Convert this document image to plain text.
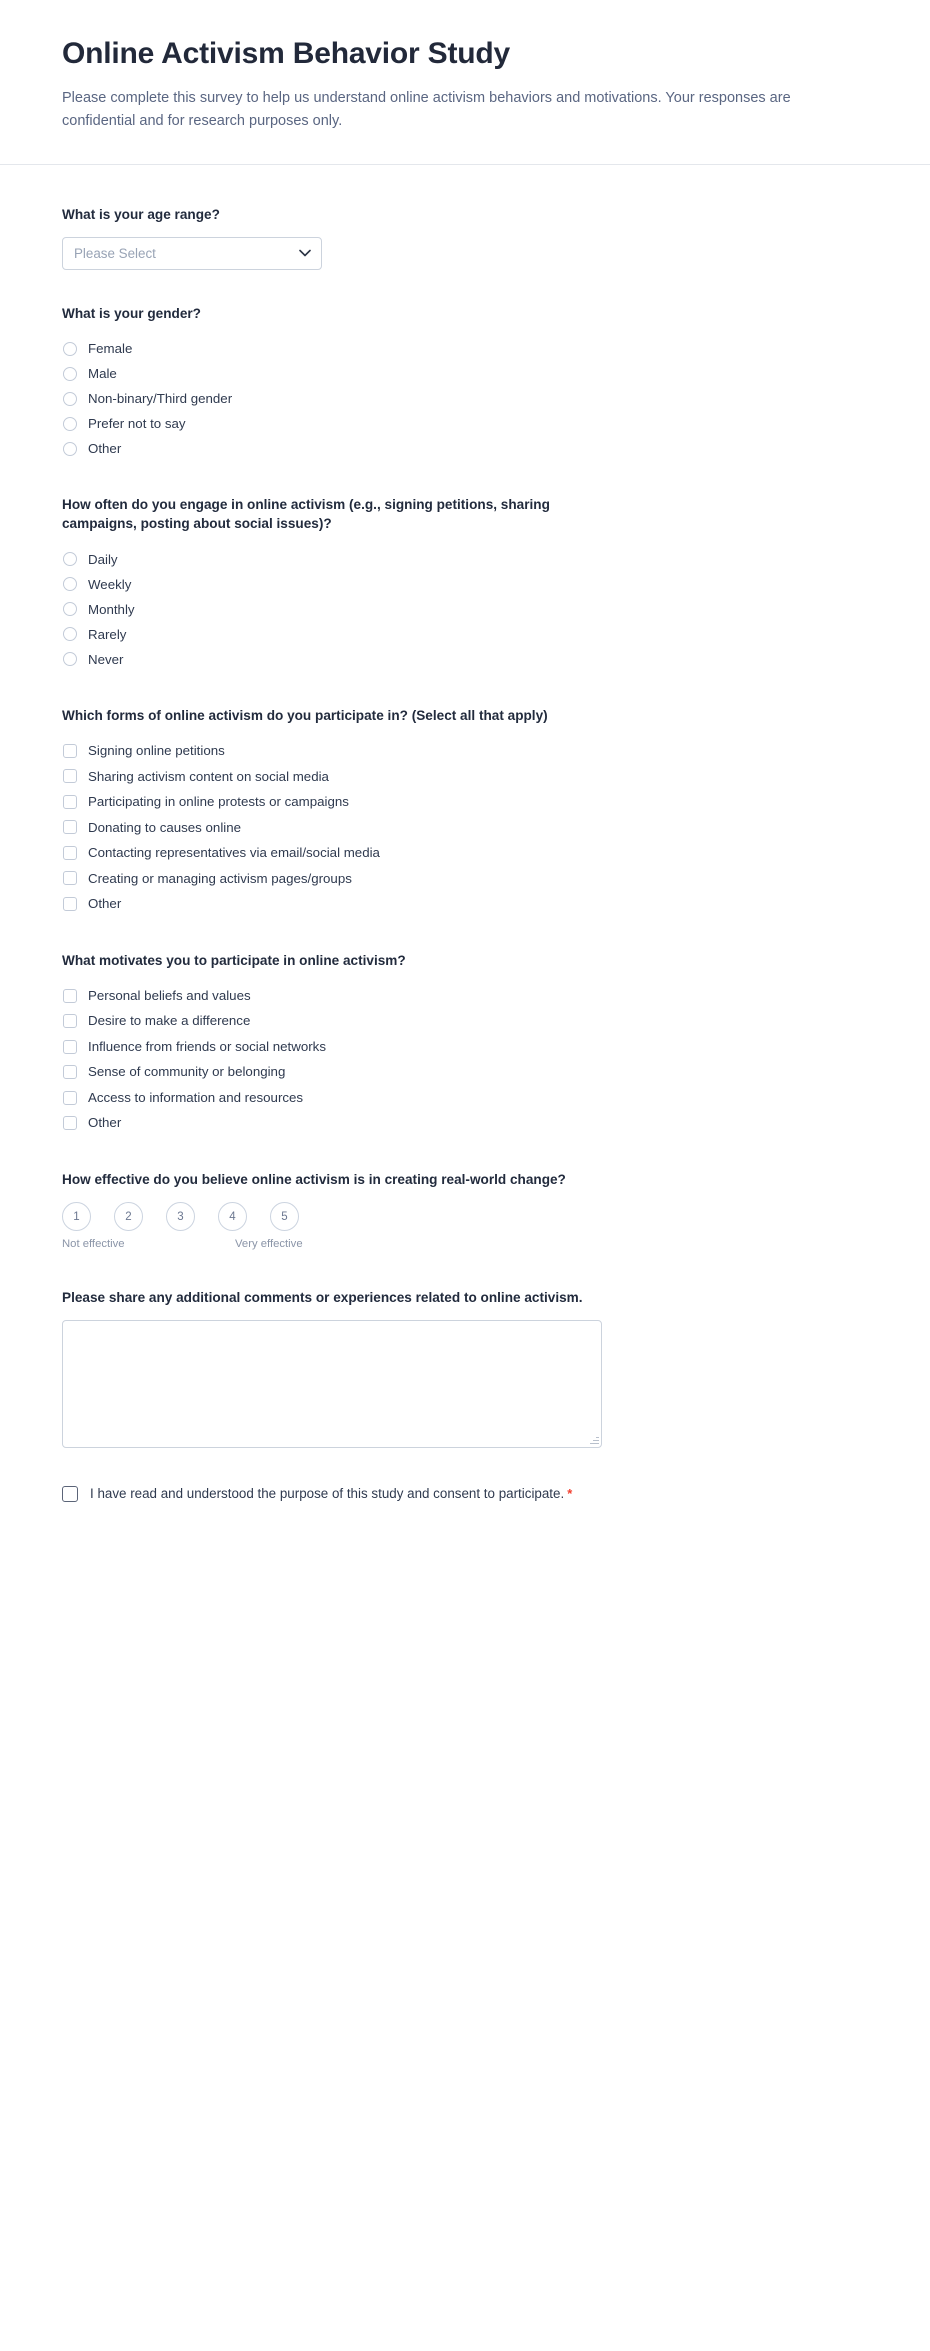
Online Activism Behavior Study

Please complete this survey to help us understand online activism behaviors and motivations. Your responses are confidential and for research purposes only.

What is your age range?
Please Select
What is your gender?
Female
Male
Non-binary/Third gender
Prefer not to say
Other
How often do you engage in online activism (e.g., signing petitions, sharing campaigns, posting about social issues)?
Daily
Weekly
Monthly
Rarely
Never
Which forms of online activism do you participate in? (Select all that apply)
Signing online petitions
Sharing activism content on social media
Participating in online protests or campaigns
Donating to causes online
Contacting representatives via email/social media
Creating or managing activism pages/groups
Other
What motivates you to participate in online activism?
Personal beliefs and values
Desire to make a difference
Influence from friends or social networks
Sense of community or belonging
Access to information and resources
Other
How effective do you believe online activism is in creating real-world change?
1	2	3	4	5
Not effective	Very effective
Please share any additional comments or experiences related to online activism.
I have read and understood the purpose of this study and consent to participate. *
